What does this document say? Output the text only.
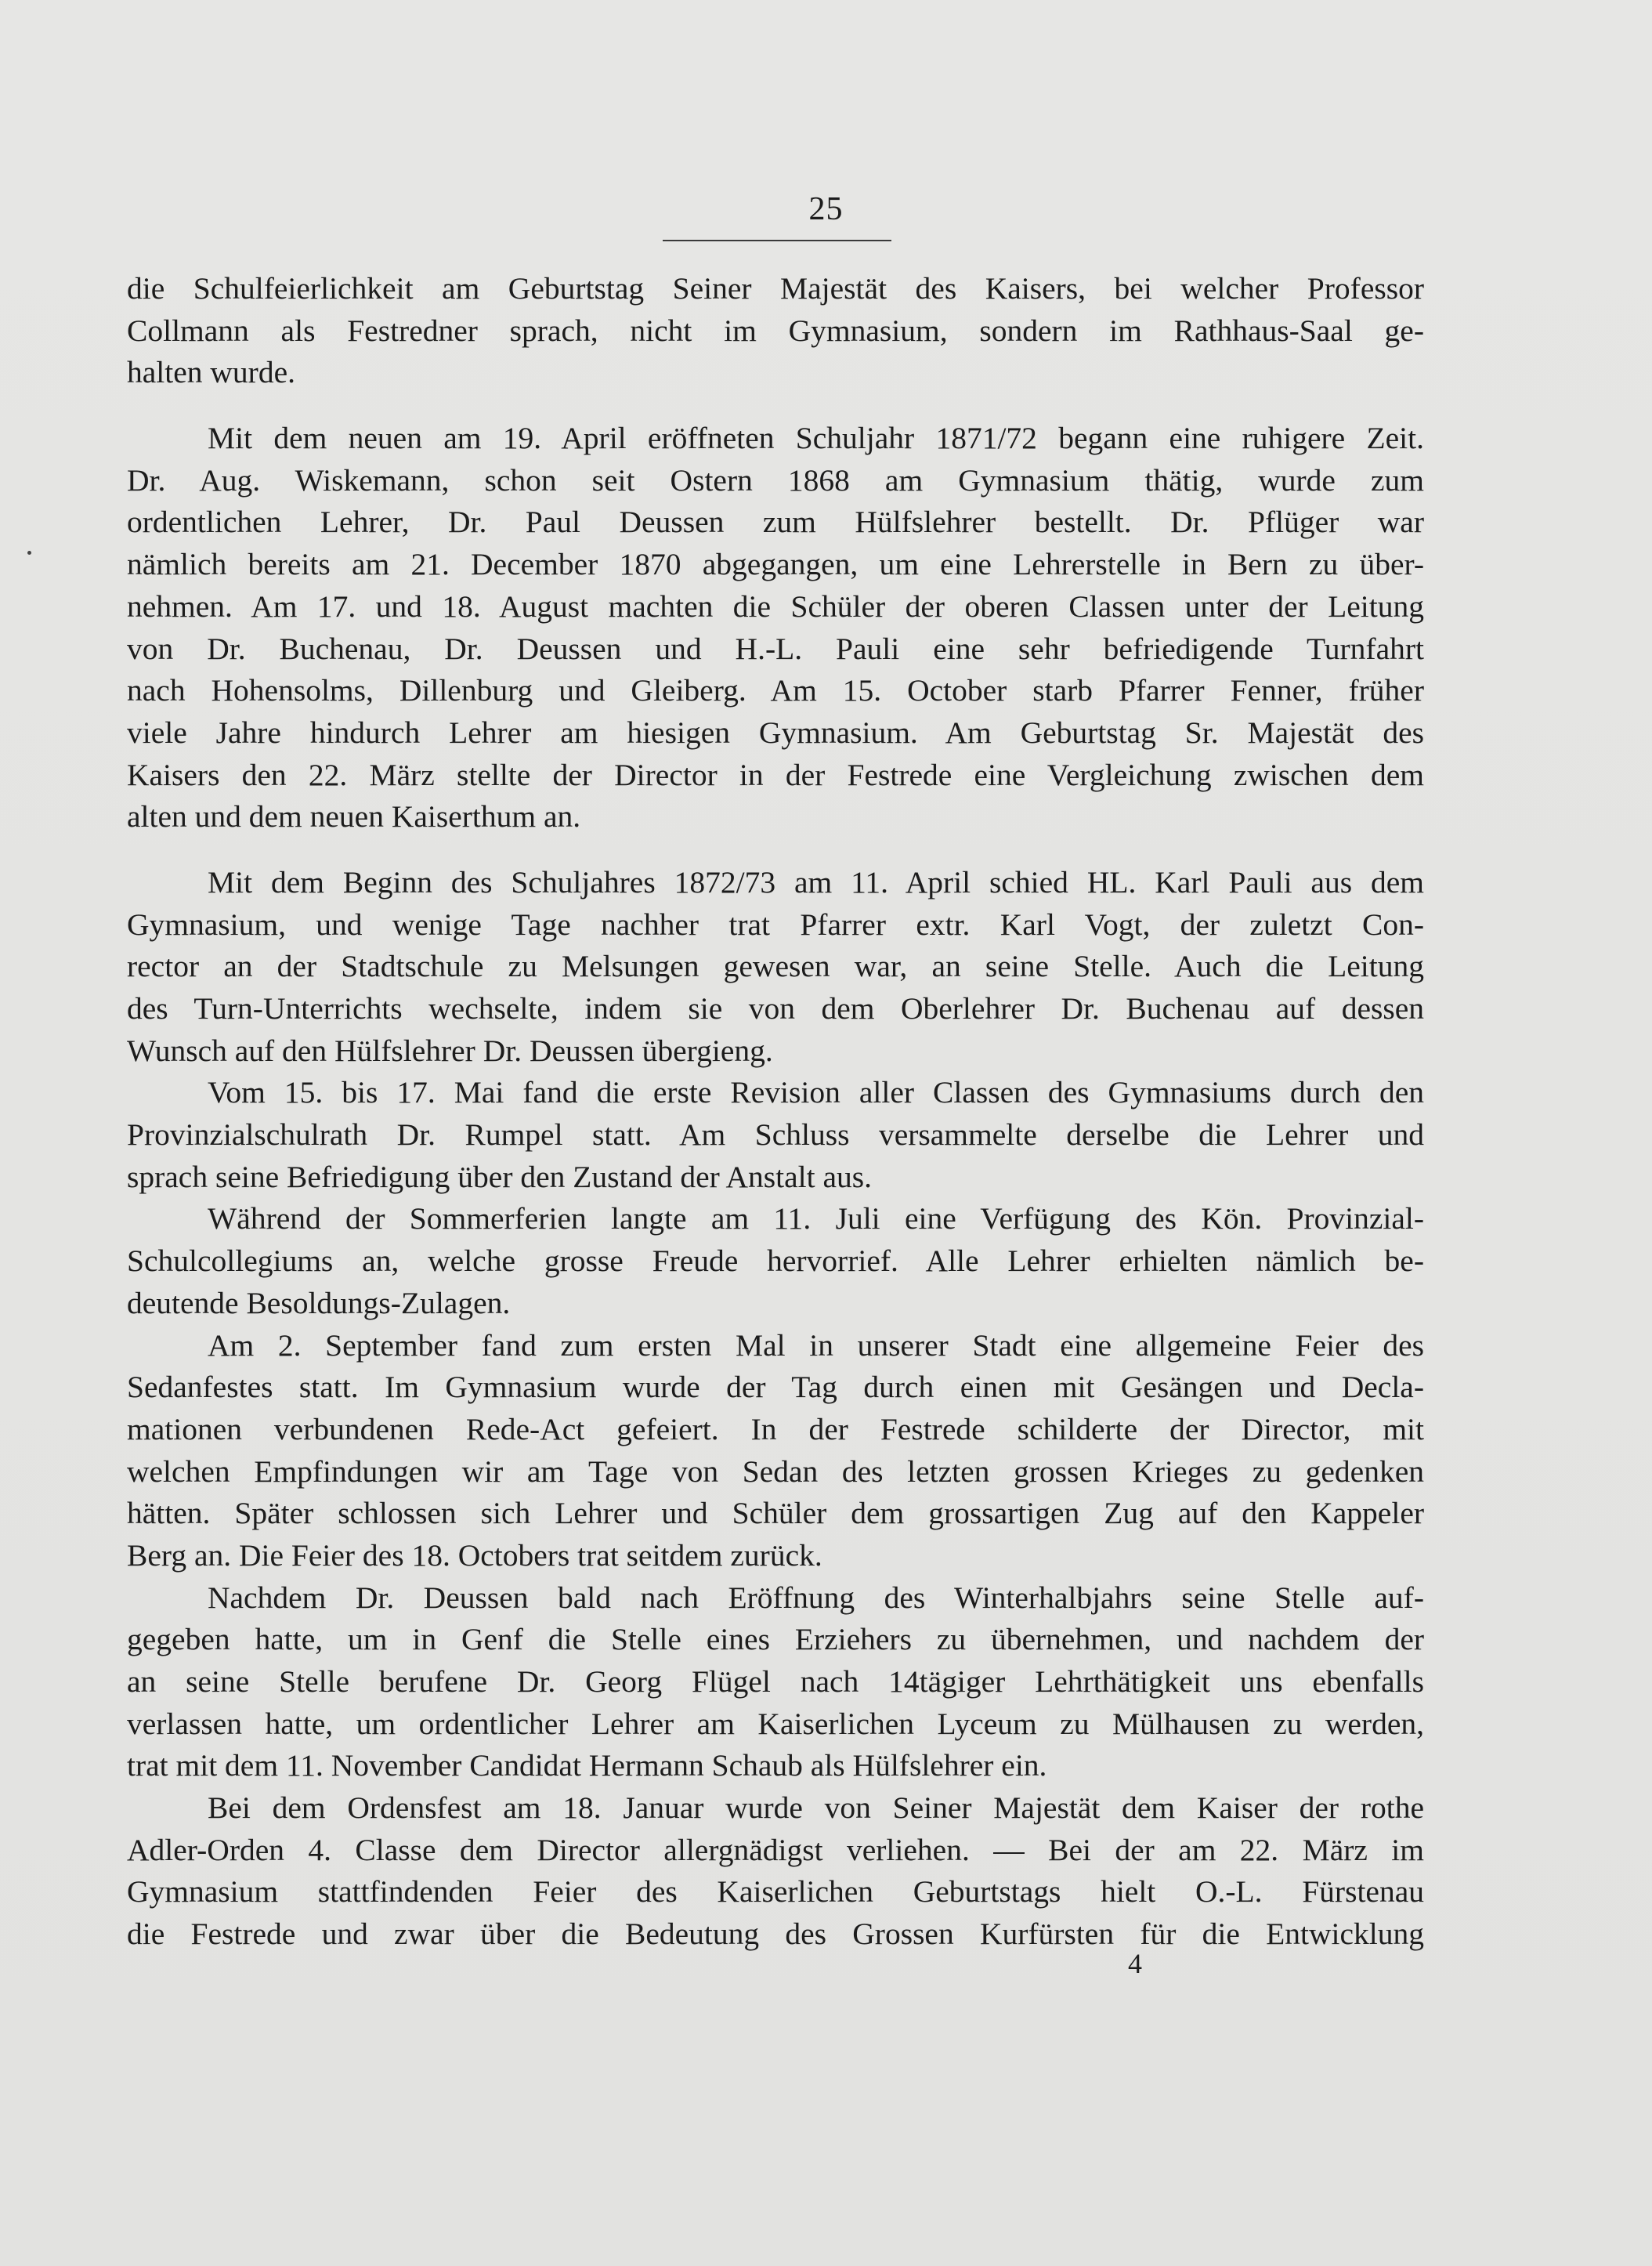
25
die Schulfeierlichkeit am Geburtstag Seiner Majestät des Kaisers, bei welcher Professor
Collmann als Festredner sprach, nicht im Gymnasium, sondern im Rathhaus-Saal ge-
halten wurde.
Mit dem neuen am 19. April eröffneten Schuljahr 1871/72 begann eine ruhigere Zeit.
Dr. Aug. Wiskemann, schon seit Ostern 1868 am Gymnasium thätig, wurde zum
ordentlichen Lehrer, Dr. Paul Deussen zum Hülfslehrer bestellt. Dr. Pflüger war
nämlich bereits am 21. December 1870 abgegangen, um eine Lehrerstelle in Bern zu über-
nehmen. Am 17. und 18. August machten die Schüler der oberen Classen unter der Leitung
von Dr. Buchenau, Dr. Deussen und H.-L. Pauli eine sehr befriedigende Turnfahrt
nach Hohensolms, Dillenburg und Gleiberg. Am 15. October starb Pfarrer Fenner, früher
viele Jahre hindurch Lehrer am hiesigen Gymnasium. Am Geburtstag Sr. Majestät des
Kaisers den 22. März stellte der Director in der Festrede eine Vergleichung zwischen dem
alten und dem neuen Kaiserthum an.
Mit dem Beginn des Schuljahres 1872/73 am 11. April schied HL. Karl Pauli aus dem
Gymnasium, und wenige Tage nachher trat Pfarrer extr. Karl Vogt, der zuletzt Con-
rector an der Stadtschule zu Melsungen gewesen war, an seine Stelle. Auch die Leitung
des Turn-Unterrichts wechselte, indem sie von dem Oberlehrer Dr. Buchenau auf dessen
Wunsch auf den Hülfslehrer Dr. Deussen übergieng.
Vom 15. bis 17. Mai fand die erste Revision aller Classen des Gymnasiums durch den
Provinzialschulrath Dr. Rumpel statt. Am Schluss versammelte derselbe die Lehrer und
sprach seine Befriedigung über den Zustand der Anstalt aus.
Während der Sommerferien langte am 11. Juli eine Verfügung des Kön. Provinzial-
Schulcollegiums an, welche grosse Freude hervorrief. Alle Lehrer erhielten nämlich be-
deutende Besoldungs-Zulagen.
Am 2. September fand zum ersten Mal in unserer Stadt eine allgemeine Feier des
Sedanfestes statt. Im Gymnasium wurde der Tag durch einen mit Gesängen und Decla-
mationen verbundenen Rede-Act gefeiert. In der Festrede schilderte der Director, mit
welchen Empfindungen wir am Tage von Sedan des letzten grossen Krieges zu gedenken
hätten. Später schlossen sich Lehrer und Schüler dem grossartigen Zug auf den Kappeler
Berg an. Die Feier des 18. Octobers trat seitdem zurück.
Nachdem Dr. Deussen bald nach Eröffnung des Winterhalbjahrs seine Stelle auf-
gegeben hatte, um in Genf die Stelle eines Erziehers zu übernehmen, und nachdem der
an seine Stelle berufene Dr. Georg Flügel nach 14tägiger Lehrthätigkeit uns ebenfalls
verlassen hatte, um ordentlicher Lehrer am Kaiserlichen Lyceum zu Mülhausen zu werden,
trat mit dem 11. November Candidat Hermann Schaub als Hülfslehrer ein.
Bei dem Ordensfest am 18. Januar wurde von Seiner Majestät dem Kaiser der rothe
Adler-Orden 4. Classe dem Director allergnädigst verliehen. — Bei der am 22. März im
Gymnasium stattfindenden Feier des Kaiserlichen Geburtstags hielt O.-L. Fürstenau
die Festrede und zwar über die Bedeutung des Grossen Kurfürsten für die Entwicklung
4
